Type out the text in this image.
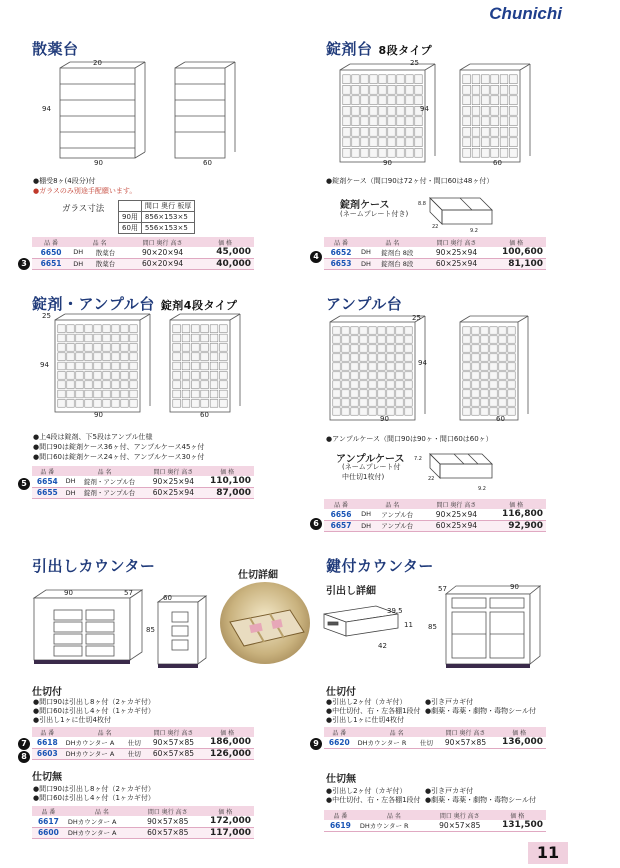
Chunichi
散薬台
20
94
90	60
●棚受8ヶ(4段分)付
●ガラスのみ別途手配願います。
ガラス寸法
		間口 奥行 板厚
90用	856×153×5
60用	556×153×5
3
品 番	品 名		間口 奥行 高さ	価 格
6650	DH	散薬台	90×20×94	45,000
6651	DH	散薬台	60×20×94	40,000
錠剤台 8段タイプ
25
94
90	60
●錠剤ケース（間口90は72ヶ付・間口60は48ヶ付）
錠剤ケース
(ネームプレート付き)
8.8
22
9.2
4
品 番	品 名		間口 奥行 高さ	価 格
6652	DH	錠剤台 8段	90×25×94	100,600
6653	DH	錠剤台 8段	60×25×94	81,100
錠剤・アンプル台 錠剤4段タイプ
25
94
90	60
●上4段は錠剤、下5段はアンプル仕様
●間口90は錠剤ケース36ヶ付、アンプルケース45ヶ付
●間口60は錠剤ケース24ヶ付、アンプルケース30ヶ付
5
品 番	品 名		間口 奥行 高さ	価 格
6654	DH	錠剤・アンプル台	90×25×94	110,100
6655	DH	錠剤・アンプル台	60×25×94	87,000
アンプル台
25
94
90	60
●アンプルケース（間口90は90ヶ・間口60は60ヶ）
アンプルケース
(ネームプレート付
中仕切1枚付)
7.2
22
9.2
6
品 番	品 名		間口 奥行 高さ	価 格
6656	DH	アンプル台	90×25×94	116,800
6657	DH	アンプル台	60×25×94	92,900
引出しカウンター
仕切詳細
90	57
85
60
仕切付
●間口90は引出し8ヶ付（2ヶカギ付）
●間口60は引出し4ヶ付（1ヶカギ付）
●引出し1ヶに仕切4枚付
7
8
品 番	品 名		間口 奥行 高さ	価 格
6618	DHカウンター A	仕切	90×57×85	186,000
6603	DHカウンター A	仕切	60×57×85	126,000
仕切無
●間口90は引出し8ヶ付（2ヶカギ付）
●間口60は引出し4ヶ付（1ヶカギ付）
品 番	品 名		間口 奥行 高さ	価 格
6617	DHカウンター A		90×57×85	172,000
6600	DHカウンター A		60×57×85	117,000
鍵付カウンター
引出し詳細
39.5
11
42
90
57
85
仕切付
●引出し2ヶ付（カギ付）
●中仕切付、右・左各棚1段付
●引出し1ヶに仕切4枚付
●引き戸カギ付
●劇薬・毒薬・劇物・毒物シール付
9
品 番	品 名		間口 奥行 高さ	価 格
6620	DHカウンター R	仕切	90×57×85	136,000
仕切無
●引出し2ヶ付（カギ付）
●中仕切付、右・左各棚1段付
●引き戸カギ付
●劇薬・毒薬・劇物・毒物シール付
品 番	品 名		間口 奥行 高さ	価 格
6619	DHカウンター R		90×57×85	131,500
11
